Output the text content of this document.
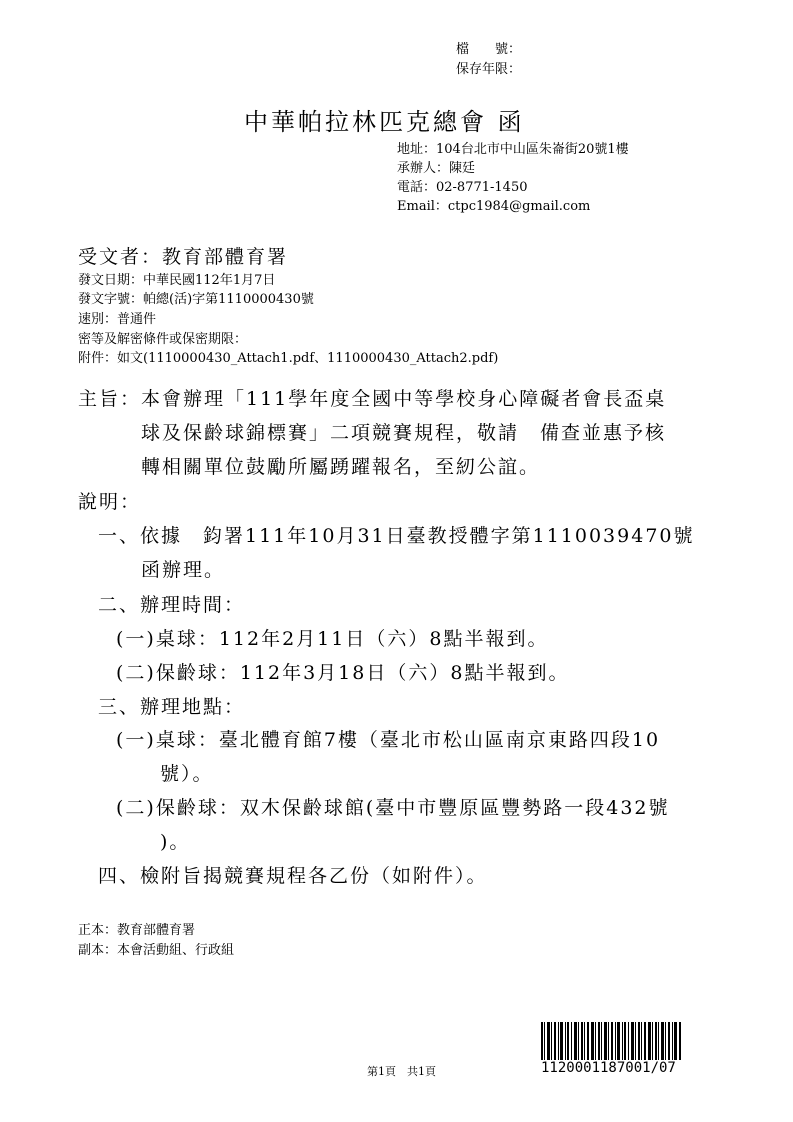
檔　　號：
保存年限：
中華帕拉林匹克總會 函
地址：104台北市中山區朱崙街20號1樓
承辦人：陳廷
電話：02-8771-1450
Email：ctpc1984@gmail.com
受文者：教育部體育署
發文日期：中華民國112年1月7日
發文字號：帕總(活)字第1110000430號
速別：普通件
密等及解密條件或保密期限：
附件：如文(1110000430_Attach1.pdf、1110000430_Attach2.pdf)
主旨：本會辦理「111學年度全國中等學校身心障礙者會長盃桌
球及保齡球錦標賽」二項競賽規程，敬請　備查並惠予核
轉相關單位鼓勵所屬踴躍報名，至紉公誼。
說明：
一、依據　鈞署111年10月31日臺教授體字第1110039470號
函辦理。
二、辦理時間：
(一)桌球：112年2月11日（六）8點半報到。
(二)保齡球：112年3月18日（六）8點半報到。
三、辦理地點：
(一)桌球：臺北體育館7樓（臺北市松山區南京東路四段10
號）。
(二)保齡球：双木保齡球館(臺中市豐原區豐勢路一段432號
)。
四、檢附旨揭競賽規程各乙份（如附件）。
正本：教育部體育署
副本：本會活動組、行政組
第1頁　共1頁	1120001187001/07
